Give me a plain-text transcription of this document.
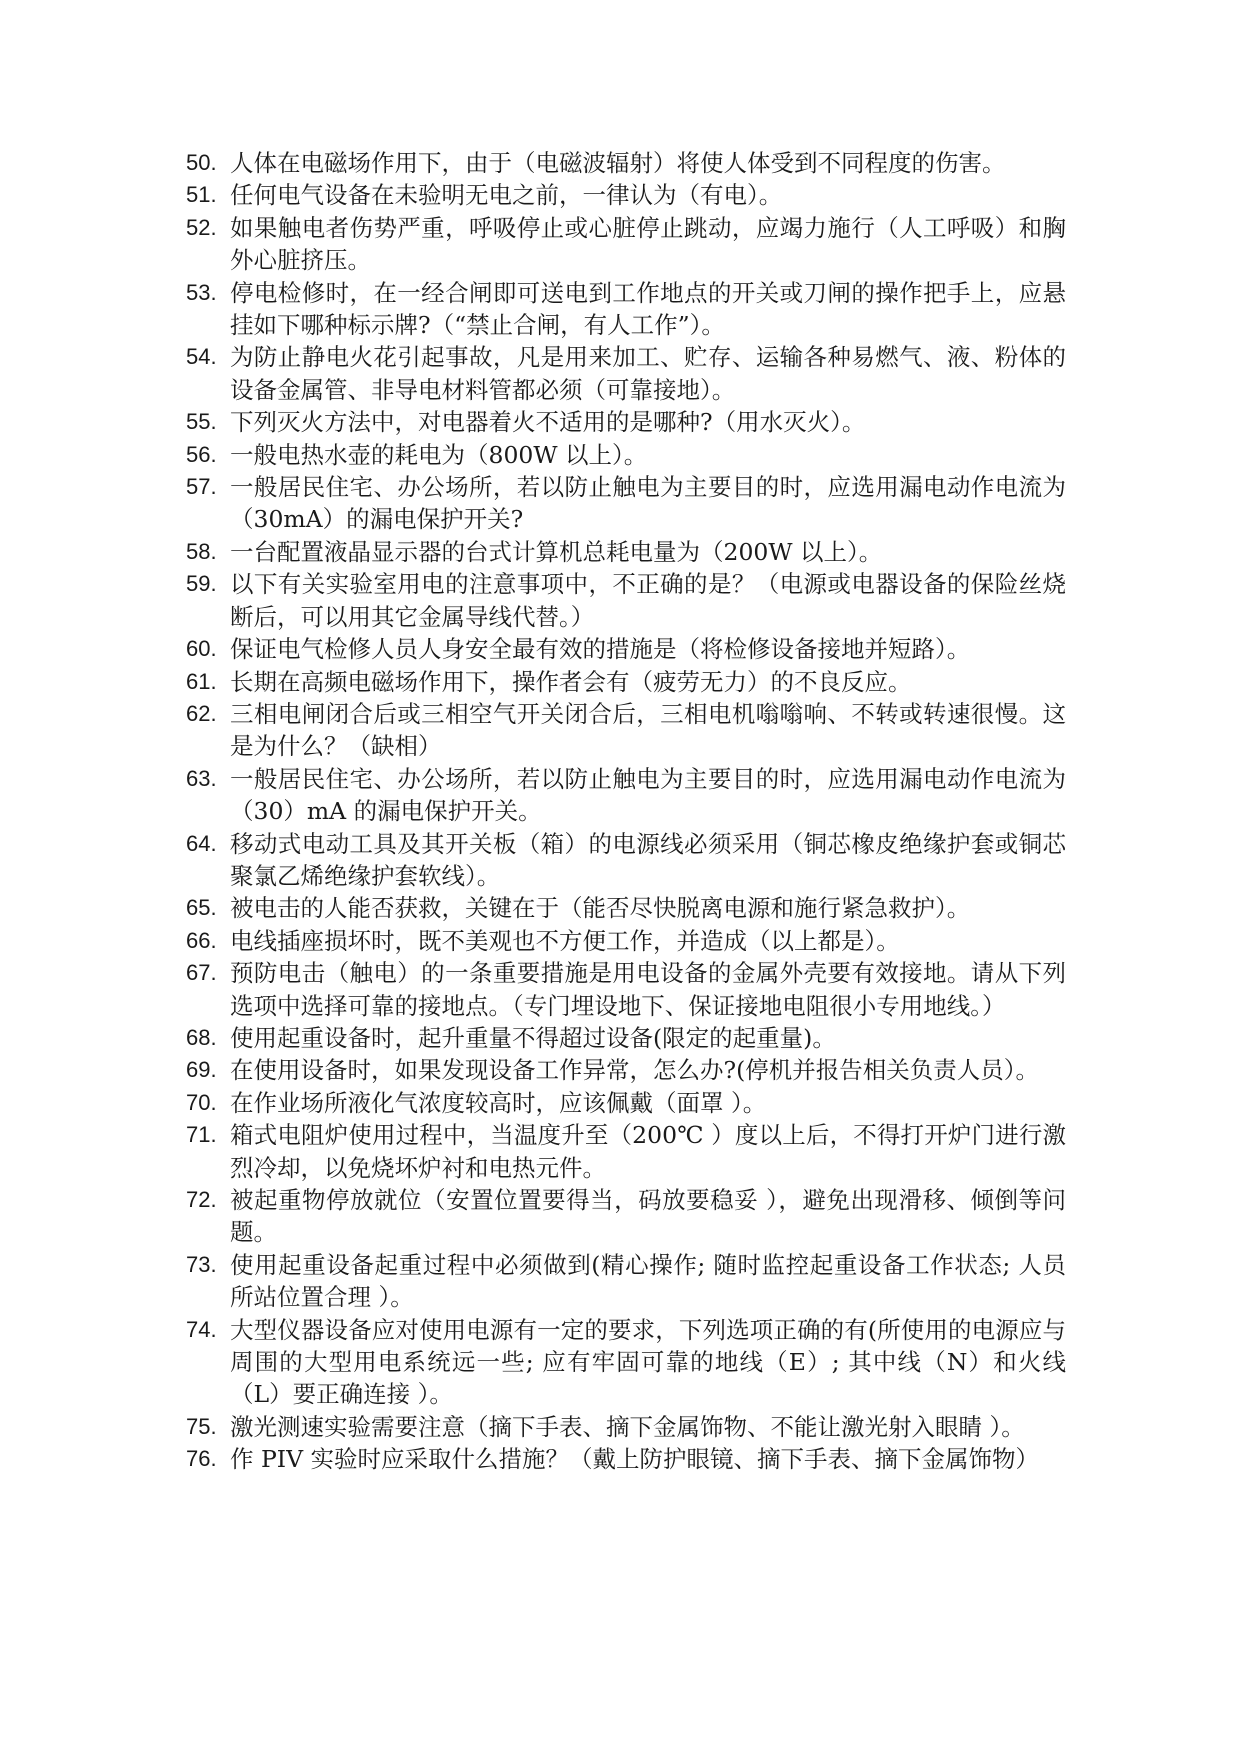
50. 人体在电磁场作用下，由于（电磁波辐射）将使人体受到不同程度的伤害。
51. 任何电气设备在未验明无电之前，一律认为（有电）。
52. 如果触电者伤势严重，呼吸停止或心脏停止跳动，应竭力施行（人工呼吸）和胸外心脏挤压。
53. 停电检修时，在一经合闸即可送电到工作地点的开关或刀闸的操作把手上，应悬挂如下哪种标示牌?（“禁止合闸，有人工作”）。
54. 为防止静电火花引起事故，凡是用来加工、贮存、运输各种易燃气、液、粉体的设备金属管、非导电材料管都必须（可靠接地）。
55. 下列灭火方法中，对电器着火不适用的是哪种?（用水灭火）。
56. 一般电热水壶的耗电为（800W 以上）。
57. 一般居民住宅、办公场所，若以防止触电为主要目的时，应选用漏电动作电流为（30mA）的漏电保护开关?
58. 一台配置液晶显示器的台式计算机总耗电量为（200W 以上）。
59. 以下有关实验室用电的注意事项中，不正确的是？（电源或电器设备的保险丝烧断后，可以用其它金属导线代替。）
60. 保证电气检修人员人身安全最有效的措施是（将检修设备接地并短路）。
61. 长期在高频电磁场作用下，操作者会有（疲劳无力）的不良反应。
62. 三相电闸闭合后或三相空气开关闭合后，三相电机嗡嗡响、不转或转速很慢。这是为什么？（缺相）
63. 一般居民住宅、办公场所，若以防止触电为主要目的时，应选用漏电动作电流为（30）mA 的漏电保护开关。
64. 移动式电动工具及其开关板（箱）的电源线必须采用（铜芯橡皮绝缘护套或铜芯聚氯乙烯绝缘护套软线）。
65. 被电击的人能否获救，关键在于（能否尽快脱离电源和施行紧急救护）。
66. 电线插座损坏时，既不美观也不方便工作，并造成（以上都是）。
67. 预防电击（触电）的一条重要措施是用电设备的金属外壳要有效接地。请从下列选项中选择可靠的接地点。（专门埋设地下、保证接地电阻很小专用地线。）
68. 使用起重设备时，起升重量不得超过设备(限定的起重量)。
69. 在使用设备时，如果发现设备工作异常，怎么办?(停机并报告相关负责人员）。
70. 在作业场所液化气浓度较高时，应该佩戴（面罩 ）。
71. 箱式电阻炉使用过程中，当温度升至（200℃ ）度以上后，不得打开炉门进行激烈冷却，以免烧坏炉衬和电热元件。
72. 被起重物停放就位（安置位置要得当，码放要稳妥 ），避免出现滑移、倾倒等问题。
73. 使用起重设备起重过程中必须做到(精心操作; 随时监控起重设备工作状态; 人员所站位置合理 ）。
74. 大型仪器设备应对使用电源有一定的要求，下列选项正确的有(所使用的电源应与周围的大型用电系统远一些; 应有牢固可靠的地线（E）; 其中线（N）和火线（L）要正确连接 ）。
75. 激光测速实验需要注意（摘下手表、摘下金属饰物、不能让激光射入眼睛 ）。
76. 作 PIV 实验时应采取什么措施？（戴上防护眼镜、摘下手表、摘下金属饰物）
